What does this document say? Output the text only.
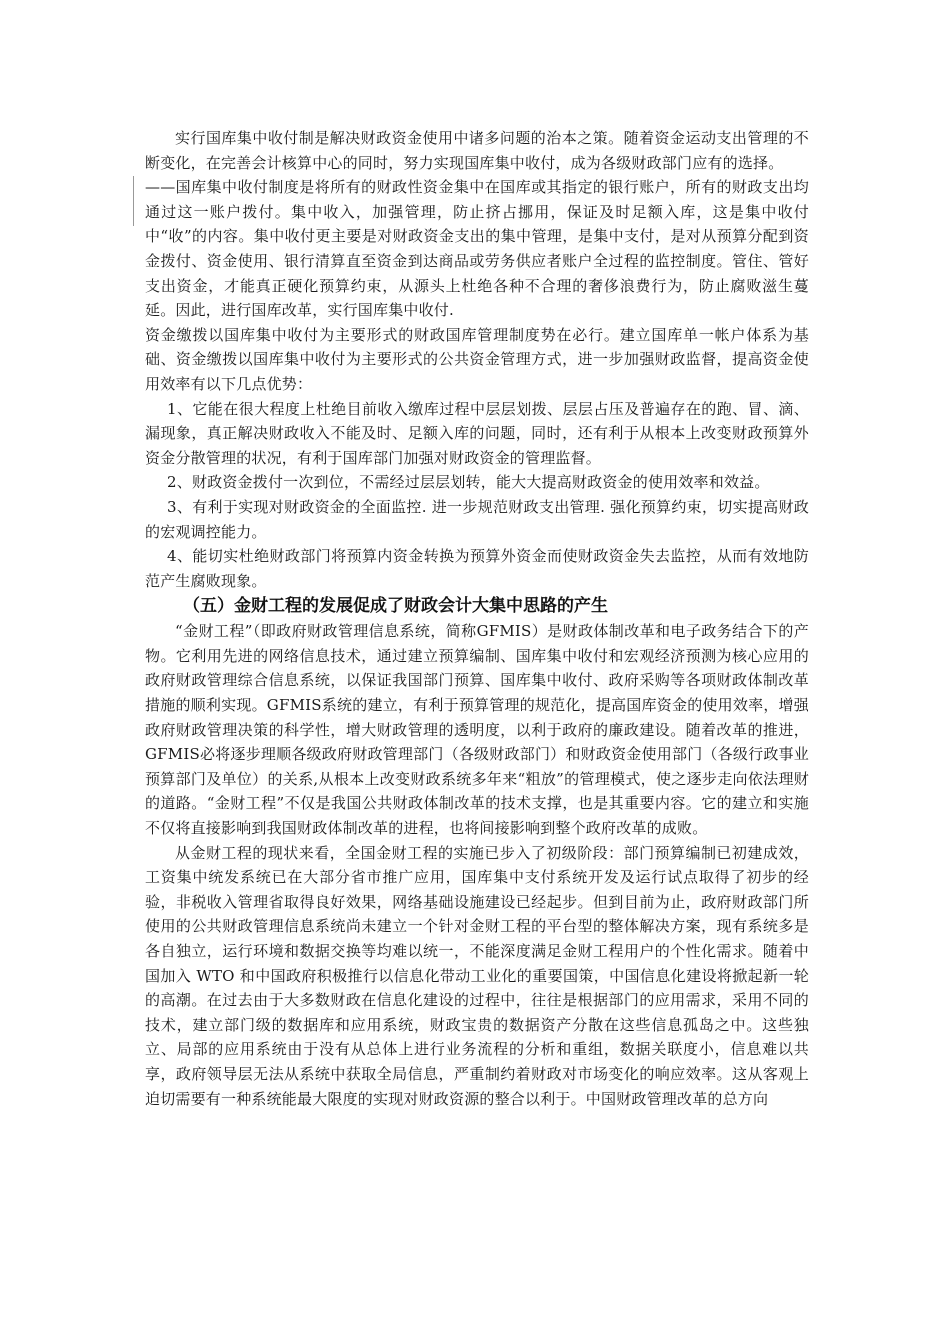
实行国库集中收付制是解决财政资金使用中诸多问题的治本之策。随着资金运动支出管理的不断变化，在完善会计核算中心的同时，努力实现国库集中收付，成为各级财政部门应有的选择。

——国库集中收付制度是将所有的财政性资金集中在国库或其指定的银行账户，所有的财政支出均通过这一账户拨付。集中收入，加强管理，防止挤占挪用，保证及时足额入库，这是集中收付中“收”的内容。集中收付更主要是对财政资金支出的集中管理，是集中支付，是对从预算分配到资金拨付、资金使用、银行清算直至资金到达商品或劳务供应者账户全过程的监控制度。管住、管好支出资金，才能真正硬化预算约束，从源头上杜绝各种不合理的奢侈浪费行为，防止腐败滋生蔓延。因此，进行国库改革，实行国库集中收付.

资金缴拨以国库集中收付为主要形式的财政国库管理制度势在必行。建立国库单一帐户体系为基础、资金缴拨以国库集中收付为主要形式的公共资金管理方式，进一步加强财政监督，提高资金使用效率有以下几点优势：

1、它能在很大程度上杜绝目前收入缴库过程中层层划拨、层层占压及普遍存在的跑、冒、滴、漏现象，真正解决财政收入不能及时、足额入库的问题，同时，还有利于从根本上改变财政预算外资金分散管理的状况，有利于国库部门加强对财政资金的管理监督。

2、财政资金拨付一次到位，不需经过层层划转，能大大提高财政资金的使用效率和效益。

3、有利于实现对财政资金的全面监控. 进一步规范财政支出管理. 强化预算约束，切实提高财政的宏观调控能力。

4、能切实杜绝财政部门将预算内资金转换为预算外资金而使财政资金失去监控，从而有效地防范产生腐败现象。

（五）金财工程的发展促成了财政会计大集中思路的产生

“金财工程”（即政府财政管理信息系统，简称GFMIS）是财政体制改革和电子政务结合下的产物。它利用先进的网络信息技术，通过建立预算编制、国库集中收付和宏观经济预测为核心应用的政府财政管理综合信息系统，以保证我国部门预算、国库集中收付、政府采购等各项财政体制改革措施的顺利实现。GFMIS系统的建立，有利于预算管理的规范化，提高国库资金的使用效率，增强政府财政管理决策的科学性，增大财政管理的透明度，以利于政府的廉政建设。随着改革的推进，GFMIS必将逐步理顺各级政府财政管理部门（各级财政部门）和财政资金使用部门（各级行政事业预算部门及单位）的关系,从根本上改变财政系统多年来“粗放”的管理模式，使之逐步走向依法理财的道路。“金财工程”不仅是我国公共财政体制改革的技术支撑，也是其重要内容。它的建立和实施不仅将直接影响到我国财政体制改革的进程，也将间接影响到整个政府改革的成败。

从金财工程的现状来看，全国金财工程的实施已步入了初级阶段：部门预算编制已初建成效，工资集中统发系统已在大部分省市推广应用，国库集中支付系统开发及运行试点取得了初步的经验，非税收入管理省取得良好效果，网络基础设施建设已经起步。但到目前为止，政府财政部门所使用的公共财政管理信息系统尚未建立一个针对金财工程的平台型的整体解决方案，现有系统多是各自独立，运行环境和数据交换等均难以统一，不能深度满足金财工程用户的个性化需求。随着中国加入 WTO 和中国政府积极推行以信息化带动工业化的重要国策，中国信息化建设将掀起新一轮的高潮。在过去由于大多数财政在信息化建设的过程中，往往是根据部门的应用需求，采用不同的技术，建立部门级的数据库和应用系统，财政宝贵的数据资产分散在这些信息孤岛之中。这些独立、局部的应用系统由于没有从总体上进行业务流程的分析和重组，数据关联度小，信息难以共享，政府领导层无法从系统中获取全局信息，严重制约着财政对市场变化的响应效率。这从客观上迫切需要有一种系统能最大限度的实现对财政资源的整合以利于。中国财政管理改革的总方向
